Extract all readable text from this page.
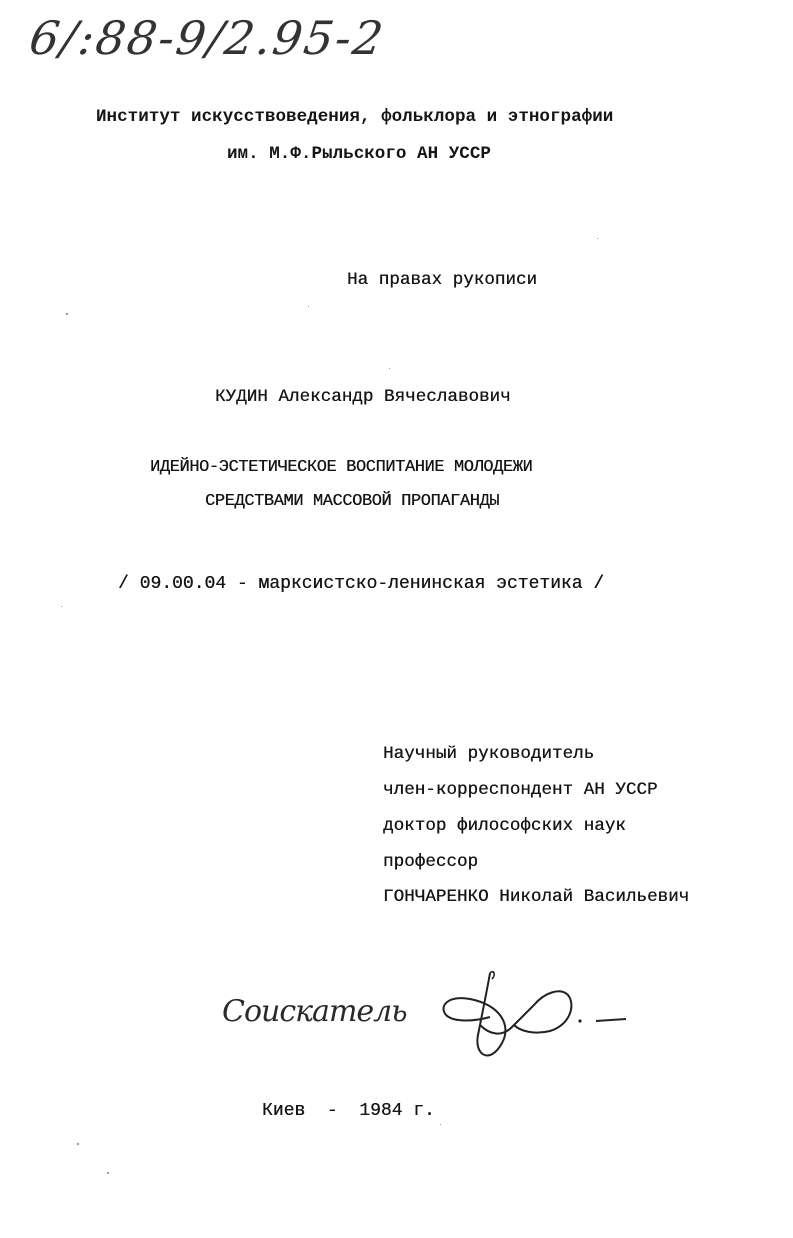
6/:88-9/2.95-2
Институт искусствоведения, фольклора и этнографии
им. М.Ф.Рыльского АН УССР
На правах рукописи
КУДИН Александр Вячеславович
ИДЕЙНО-ЭСТЕТИЧЕСКОЕ ВОСПИТАНИЕ МОЛОДЕЖИ
СРЕДСТВАМИ МАССОВОЙ ПРОПАГАНДЫ
/ 09.00.04 - марксистско-ленинская эстетика /
Научный руководитель
член-корреспондент АН УССР
доктор философских наук
профессор
ГОНЧАРЕНКО Николай Васильевич
Соискатель
Киев  -  1984 г.
